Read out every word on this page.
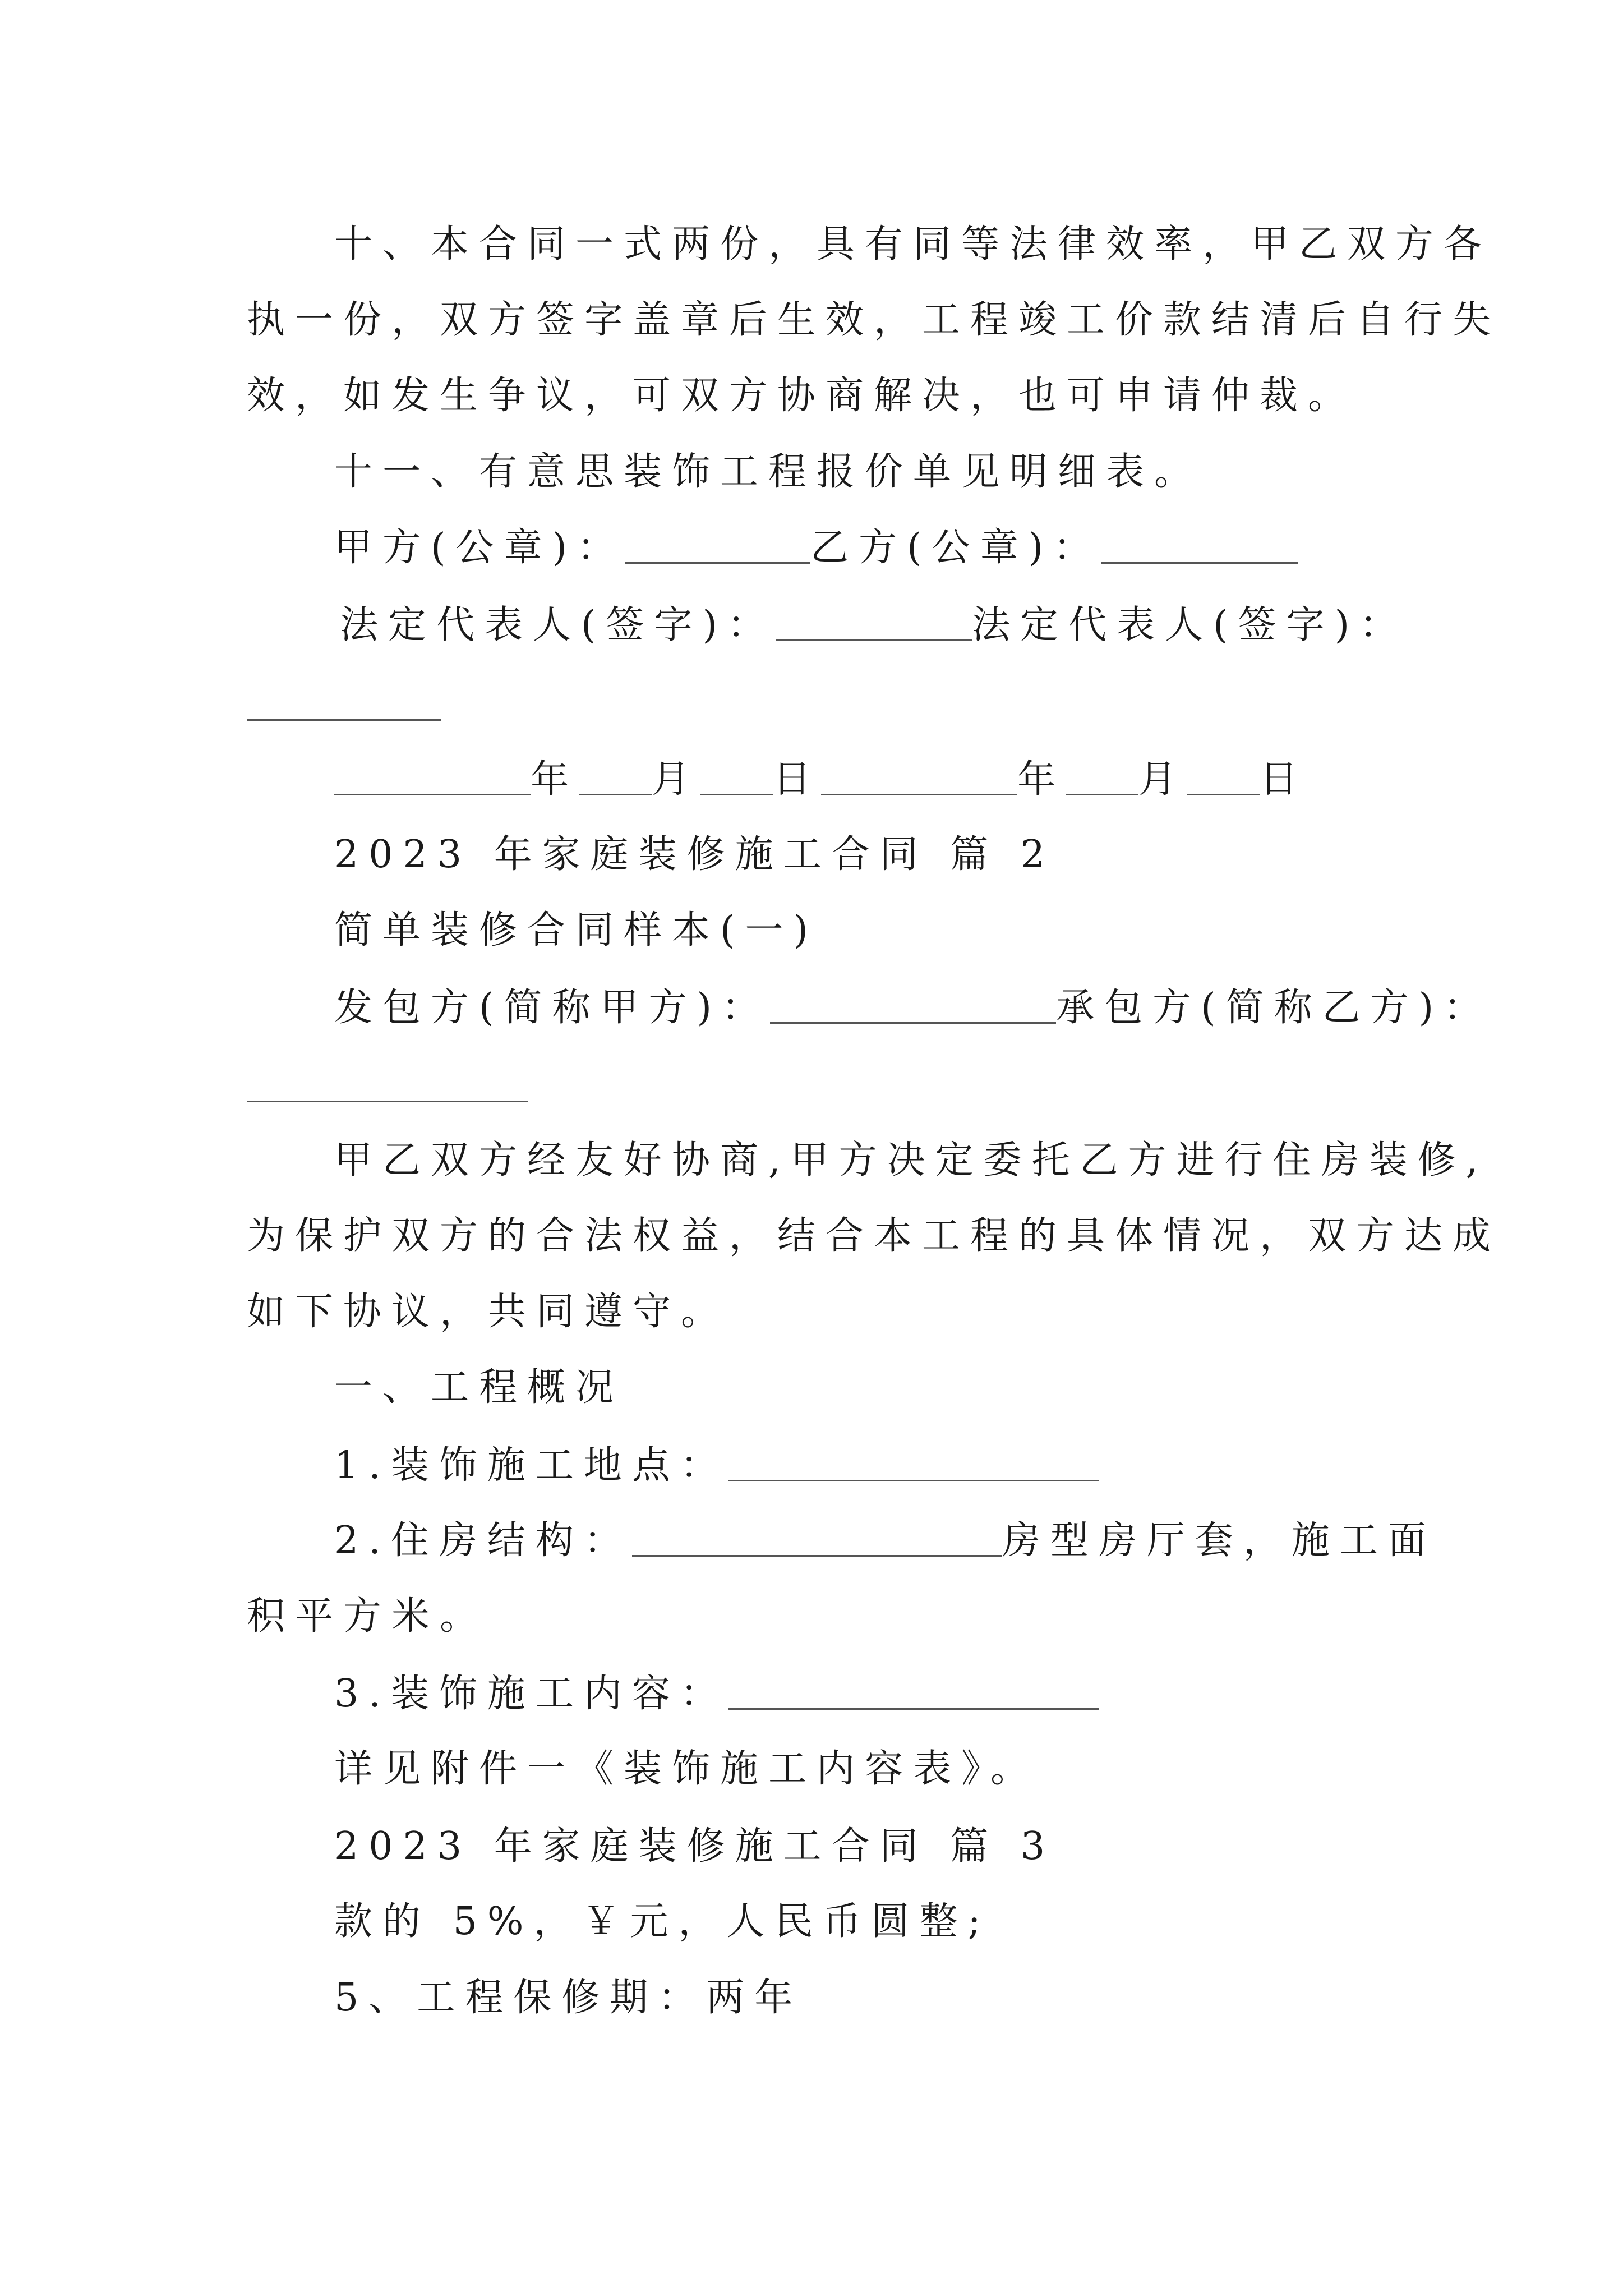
十、本合同一式两份，具有同等法律效率，甲乙双方各
执一份，双方签字盖章后生效，工程竣工价款结清后自行失
效，如发生争议，可双方协商解决，也可申请仲裁。
十一、有意思装饰工程报价单见明细表。
甲方(公章)：	乙方(公章)：
法定代表人(签字)：	法定代表人(签字)：
年 月 日	年 月 日
2023 年家庭装修施工合同 篇 2
简单装修合同样本(一)
发包方(简称甲方)：	承包方(简称乙方)：
甲乙双方经友好协商,甲方决定委托乙方进行住房装修,
为保护双方的合法权益，结合本工程的具体情况，双方达成
如下协议，共同遵守。
一、工程概况
1.装饰施工地点：
2.住房结构：	房型房厅套，施工面
积平方米。
3.装饰施工内容：
详见附件一《装饰施工内容表》。
2023 年家庭装修施工合同 篇 3
款的 5%，￥元，人民币圆整;
5、工程保修期：两年
